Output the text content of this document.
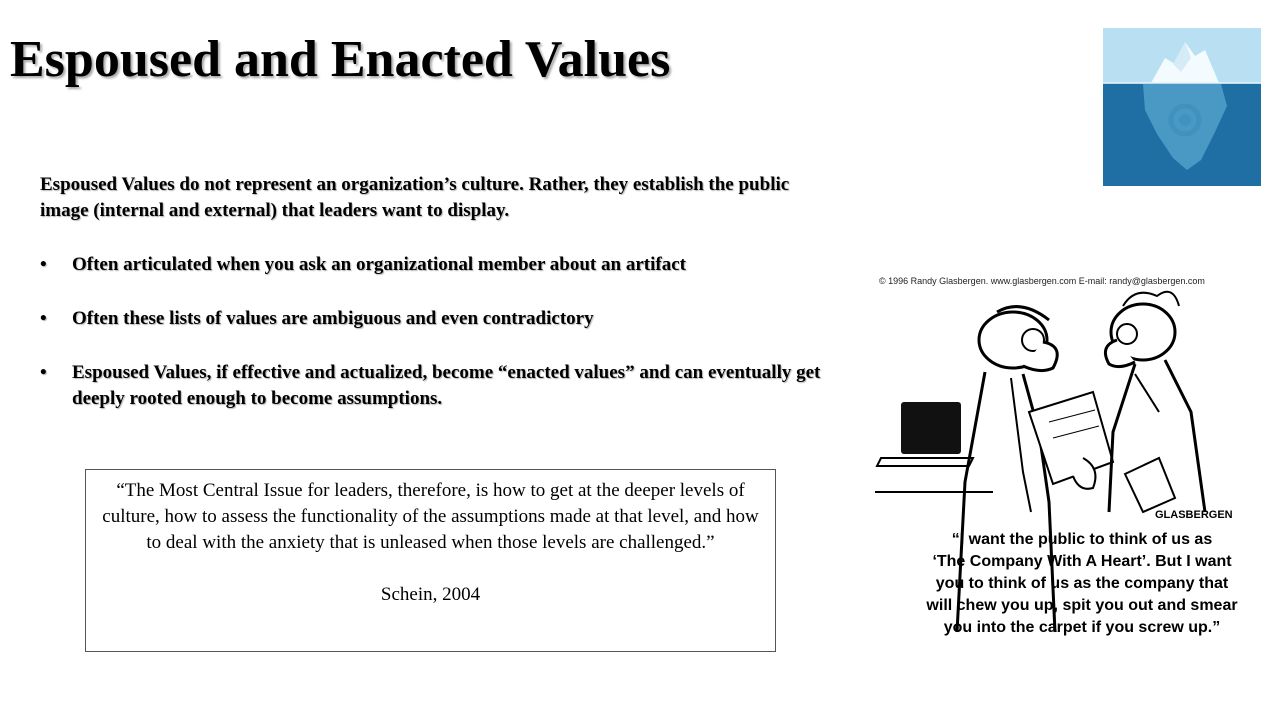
Espoused and Enacted Values

Espoused Values do not represent an organization’s culture. Rather, they establish the public image (internal and external) that leaders want to display.

• Often articulated when you ask an organizational member about an artifact
• Often these lists of values are ambiguous and even contradictory
• Espoused Values, if effective and actualized, become “enacted values” and can eventually get deeply rooted enough to become assumptions.

“The Most Central Issue for leaders, therefore, is how to get at the deeper levels of culture, how to assess the functionality of the assumptions made at that level, and how to deal with the anxiety that is unleased when those levels are challenged.”

Schein, 2004

© 1996 Randy Glasbergen. www.glasbergen.com E-mail: randy@glasbergen.com
GLASBERGEN
“I want the public to think of us as
‘The Company With A Heart’. But I want
you to think of us as the company that
will chew you up, spit you out and smear
you into the carpet if you screw up.”
